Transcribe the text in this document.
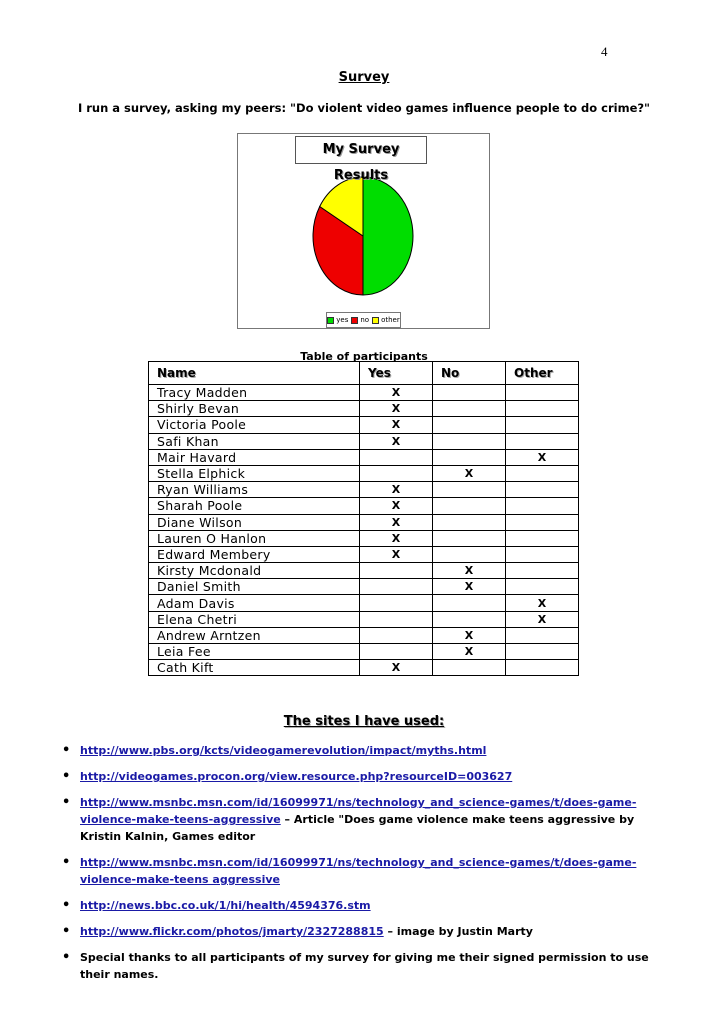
4
Survey
I run a survey, asking my peers: "Do violent video games influence people to do crime?"
My Survey Results
yes	no	other
Table of participants
Name	Yes	No	Other
Tracy Madden	X		
Shirly Bevan	X		
Victoria Poole	X		
Safi Khan	X		
Mair Havard			X
Stella Elphick		X	
Ryan Williams	X		
Sharah Poole	X		
Diane Wilson	X		
Lauren O Hanlon	X		
Edward Membery	X		
Kirsty Mcdonald		X	
Daniel Smith		X	
Adam Davis			X
Elena Chetri			X
Andrew Arntzen		X	
Leia Fee		X	
Cath Kift	X		
The sites I have used:
• http://www.pbs.org/kcts/videogamerevolution/impact/myths.html
• http://videogames.procon.org/view.resource.php?resourceID=003627
• http://www.msnbc.msn.com/id/16099971/ns/technology_and_science-games/t/does-game-violence-make-teens-aggressive – Article "Does game violence make teens aggressive by Kristin Kalnin, Games editor
• http://www.msnbc.msn.com/id/16099971/ns/technology_and_science-games/t/does-game-violence-make-teens aggressive
• http://news.bbc.co.uk/1/hi/health/4594376.stm
• http://www.flickr.com/photos/jmarty/2327288815 – image by Justin Marty
• Special thanks to all participants of my survey for giving me their signed permission to use their names.
